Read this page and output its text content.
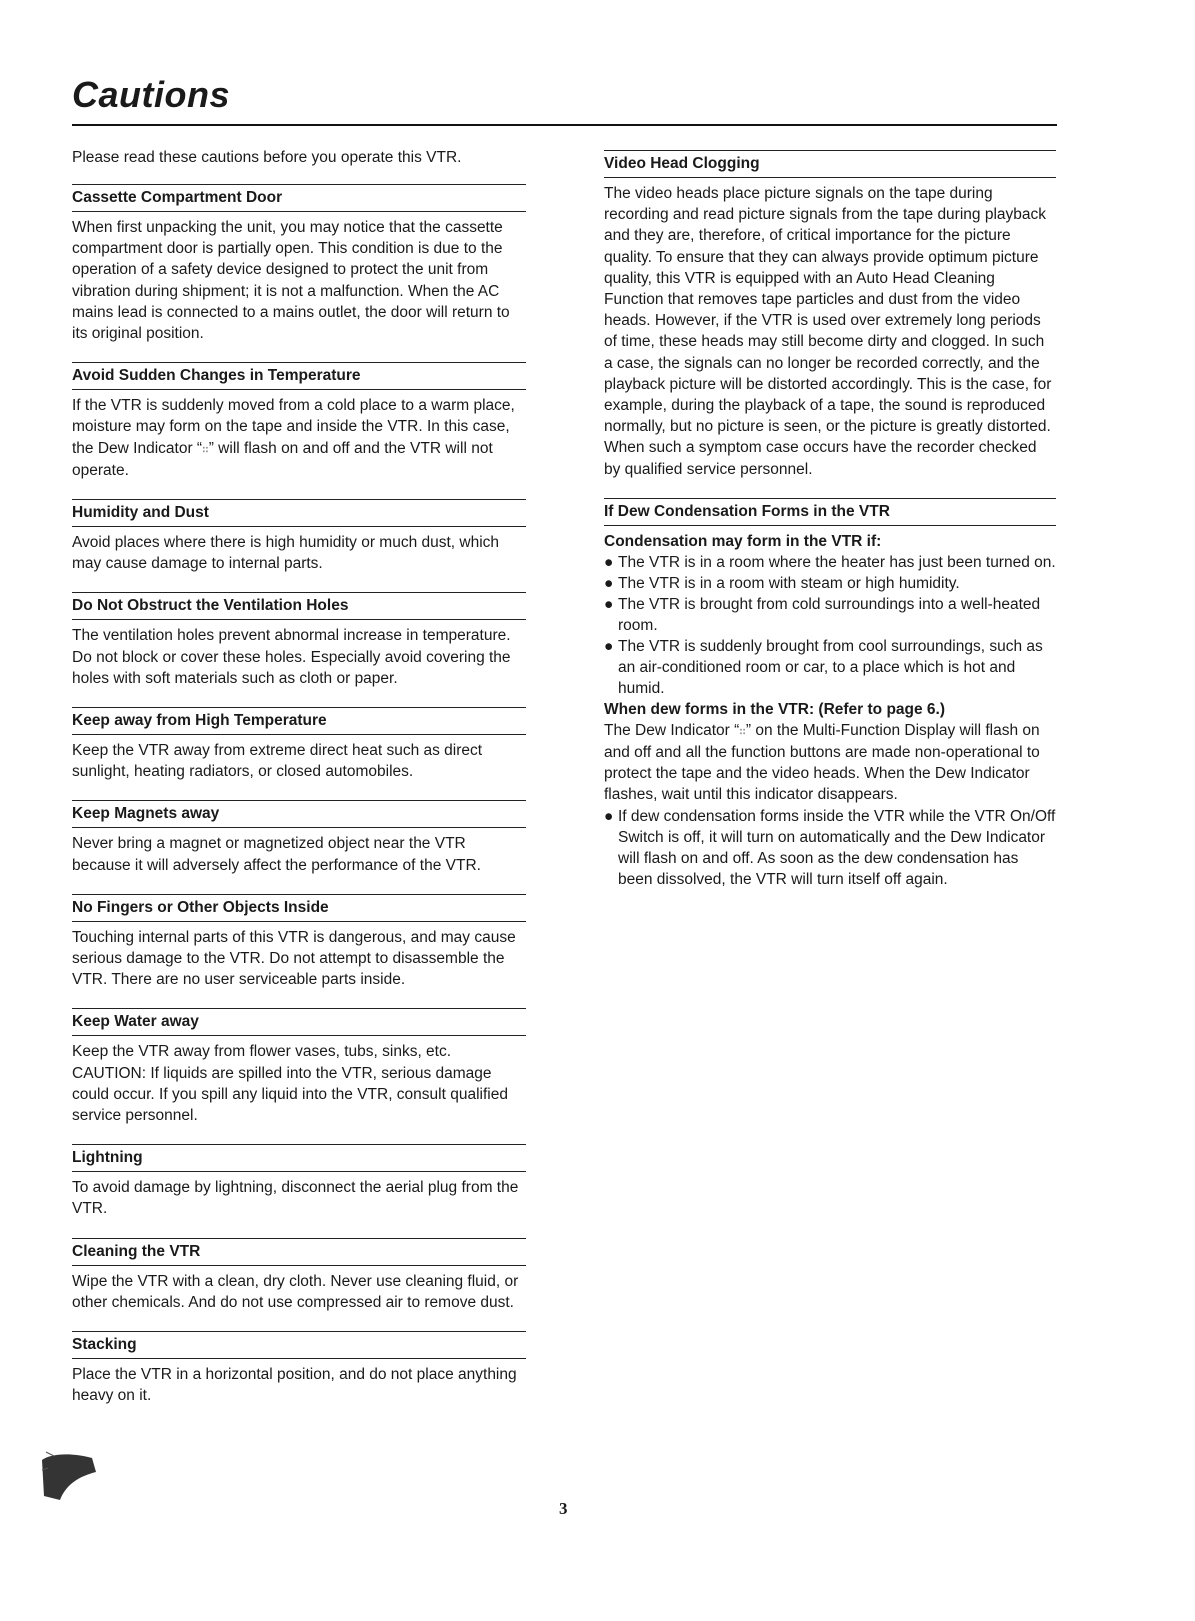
Cautions

Please read these cautions before you operate this VTR.

Cassette Compartment Door

When first unpacking the unit, you may notice that the cassette compartment door is partially open. This condition is due to the operation of a safety device designed to protect the unit from vibration during shipment; it is not a malfunction. When the AC mains lead is connected to a mains outlet, the door will return to its original position.

Avoid Sudden Changes in Temperature

If the VTR is suddenly moved from a cold place to a warm place, moisture may form on the tape and inside the VTR. In this case, the Dew Indicator “∷” will flash on and off and the VTR will not operate.

Humidity and Dust

Avoid places where there is high humidity or much dust, which may cause damage to internal parts.

Do Not Obstruct the Ventilation Holes

The ventilation holes prevent abnormal increase in temperature. Do not block or cover these holes. Especially avoid covering the holes with soft materials such as cloth or paper.

Keep away from High Temperature

Keep the VTR away from extreme direct heat such as direct sunlight, heating radiators, or closed automobiles.

Keep Magnets away

Never bring a magnet or magnetized object near the VTR because it will adversely affect the performance of the VTR.

No Fingers or Other Objects Inside

Touching internal parts of this VTR is dangerous, and may cause serious damage to the VTR. Do not attempt to disassemble the VTR. There are no user serviceable parts inside.

Keep Water away

Keep the VTR away from flower vases, tubs, sinks, etc. CAUTION: If liquids are spilled into the VTR, serious damage could occur. If you spill any liquid into the VTR, consult qualified service personnel.

Lightning

To avoid damage by lightning, disconnect the aerial plug from the VTR.

Cleaning the VTR

Wipe the VTR with a clean, dry cloth. Never use cleaning fluid, or other chemicals. And do not use compressed air to remove dust.

Stacking

Place the VTR in a horizontal position, and do not place anything heavy on it.

Video Head Clogging

The video heads place picture signals on the tape during recording and read picture signals from the tape during playback and they are, therefore, of critical importance for the picture quality. To ensure that they can always provide optimum picture quality, this VTR is equipped with an Auto Head Cleaning Function that removes tape particles and dust from the video heads. However, if the VTR is used over extremely long periods of time, these heads may still become dirty and clogged. In such a case, the signals can no longer be recorded correctly, and the playback picture will be distorted accordingly. This is the case, for example, during the playback of a tape, the sound is reproduced normally, but no picture is seen, or the picture is greatly distorted. When such a symptom case occurs have the recorder checked by qualified service personnel.

If Dew Condensation Forms in the VTR

Condensation may form in the VTR if:

● The VTR is in a room where the heater has just been turned on.
● The VTR is in a room with steam or high humidity.
● The VTR is brought from cold surroundings into a well-heated room.
● The VTR is suddenly brought from cool surroundings, such as an air-conditioned room or car, to a place which is hot and humid.

When dew forms in the VTR: (Refer to page 6.)

The Dew Indicator “∷” on the Multi-Function Display will flash on and off and all the function buttons are made non-operational to protect the tape and the video heads. When the Dew Indicator flashes, wait until this indicator disappears.

● If dew condensation forms inside the VTR while the VTR On/Off Switch is off, it will turn on automatically and the Dew Indicator will flash on and off. As soon as the dew condensation has been dissolved, the VTR will turn itself off again.
3
